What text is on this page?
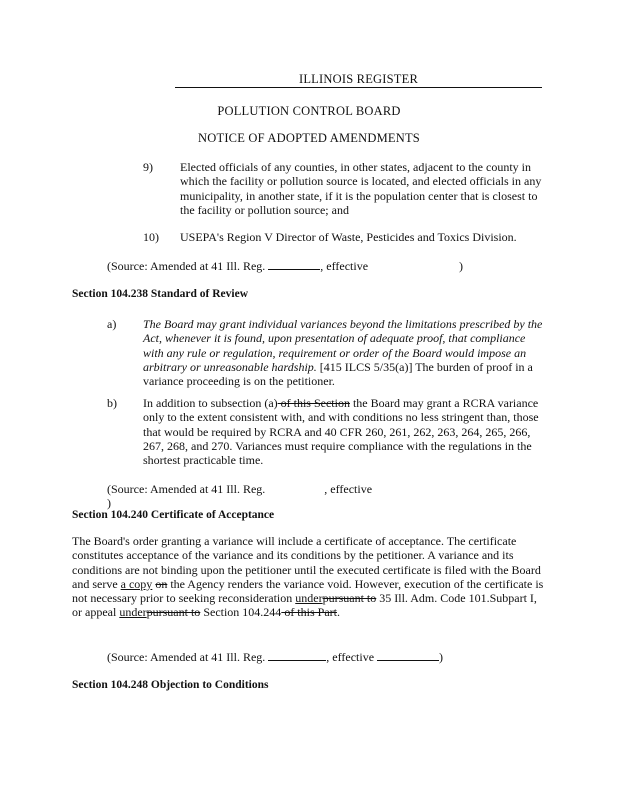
ILLINOIS REGISTER
POLLUTION CONTROL BOARD
NOTICE OF ADOPTED AMENDMENTS
9) Elected officials of any counties, in other states, adjacent to the county in which the facility or pollution source is located, and elected officials in any municipality, in another state, if it is the population center that is closest to the facility or pollution source; and
10) USEPA's Region V Director of Waste, Pesticides and Toxics Division.
(Source: Amended at 41 Ill. Reg.	, effective	)
Section 104.238 Standard of Review
a) The Board may grant individual variances beyond the limitations prescribed by the Act, whenever it is found, upon presentation of adequate proof, that compliance with any rule or regulation, requirement or order of the Board would impose an arbitrary or unreasonable hardship. [415 ILCS 5/35(a)] The burden of proof in a variance proceeding is on the petitioner.
b) In addition to subsection (a) of this Section the Board may grant a RCRA variance only to the extent consistent with, and with conditions no less stringent than, those that would be required by RCRA and 40 CFR 260, 261, 262, 263, 264, 265, 266, 267, 268, and 270. Variances must require compliance with the regulations in the shortest practicable time.
(Source: Amended at 41 Ill. Reg.	, effective )
Section 104.240 Certificate of Acceptance
The Board's order granting a variance will include a certificate of acceptance. The certificate constitutes acceptance of the variance and its conditions by the petitioner. A variance and its conditions are not binding upon the petitioner until the executed certificate is filed with the Board and serve a copy on the Agency renders the variance void. However, execution of the certificate is not necessary prior to seeking reconsideration underpursuant to 35 Ill. Adm. Code 101.Subpart I, or appeal underpursuant to Section 104.244 of this Part.
(Source: Amended at 41 Ill. Reg.	, effective	)
Section 104.248 Objection to Conditions
